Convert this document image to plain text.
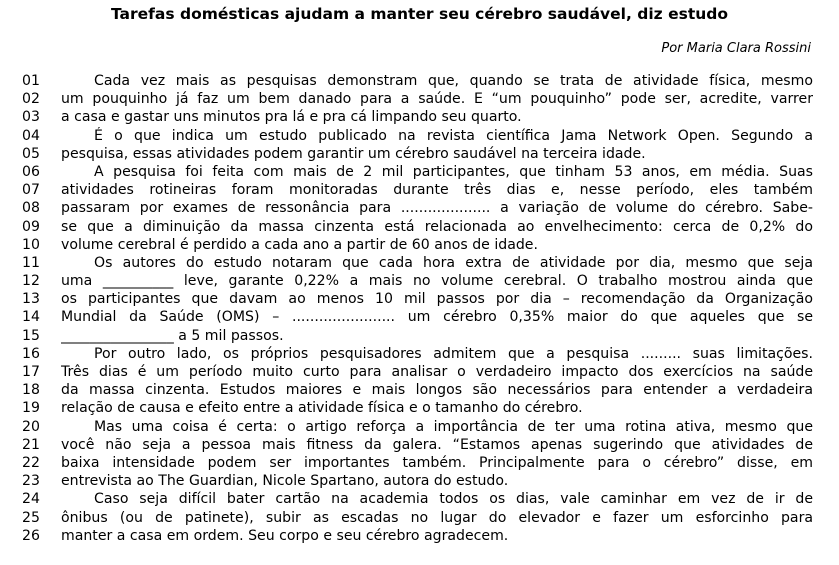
Tarefas domésticas ajudam a manter seu cérebro saudável, diz estudo
Por Maria Clara Rossini
01	Cada vez mais as pesquisas demonstram que, quando se trata de atividade física, mesmo
02	um pouquinho já faz um bem danado para a saúde. E “um pouquinho” pode ser, acredite, varrer
03	a casa e gastar uns minutos pra lá e pra cá limpando seu quarto.
04	É o que indica um estudo publicado na revista científica Jama Network Open. Segundo a
05	pesquisa, essas atividades podem garantir um cérebro saudável na terceira idade.
06	A pesquisa foi feita com mais de 2 mil participantes, que tinham 53 anos, em média. Suas
07	atividades rotineiras foram monitoradas durante três dias e, nesse período, eles também
08	passaram por exames de ressonância para .................... a variação de volume do cérebro. Sabe-
09	se que a diminuição da massa cinzenta está relacionada ao envelhecimento: cerca de 0,2% do
10	volume cerebral é perdido a cada ano a partir de 60 anos de idade.
11	Os autores do estudo notaram que cada hora extra de atividade por dia, mesmo que seja
12	uma __________ leve, garante 0,22% a mais no volume cerebral. O trabalho mostrou ainda que
13	os participantes que davam ao menos 10 mil passos por dia – recomendação da Organização
14	Mundial da Saúde (OMS) – ....................... um cérebro 0,35% maior do que aqueles que se
15	________________ a 5 mil passos.
16	Por outro lado, os próprios pesquisadores admitem que a pesquisa ......... suas limitações.
17	Três dias é um período muito curto para analisar o verdadeiro impacto dos exercícios na saúde
18	da massa cinzenta. Estudos maiores e mais longos são necessários para entender a verdadeira
19	relação de causa e efeito entre a atividade física e o tamanho do cérebro.
20	Mas uma coisa é certa: o artigo reforça a importância de ter uma rotina ativa, mesmo que
21	você não seja a pessoa mais fitness da galera. “Estamos apenas sugerindo que atividades de
22	baixa intensidade podem ser importantes também. Principalmente para o cérebro” disse, em
23	entrevista ao The Guardian, Nicole Spartano, autora do estudo.
24	Caso seja difícil bater cartão na academia todos os dias, vale caminhar em vez de ir de
25	ônibus (ou de patinete), subir as escadas no lugar do elevador e fazer um esforcinho para
26	manter a casa em ordem. Seu corpo e seu cérebro agradecem.
